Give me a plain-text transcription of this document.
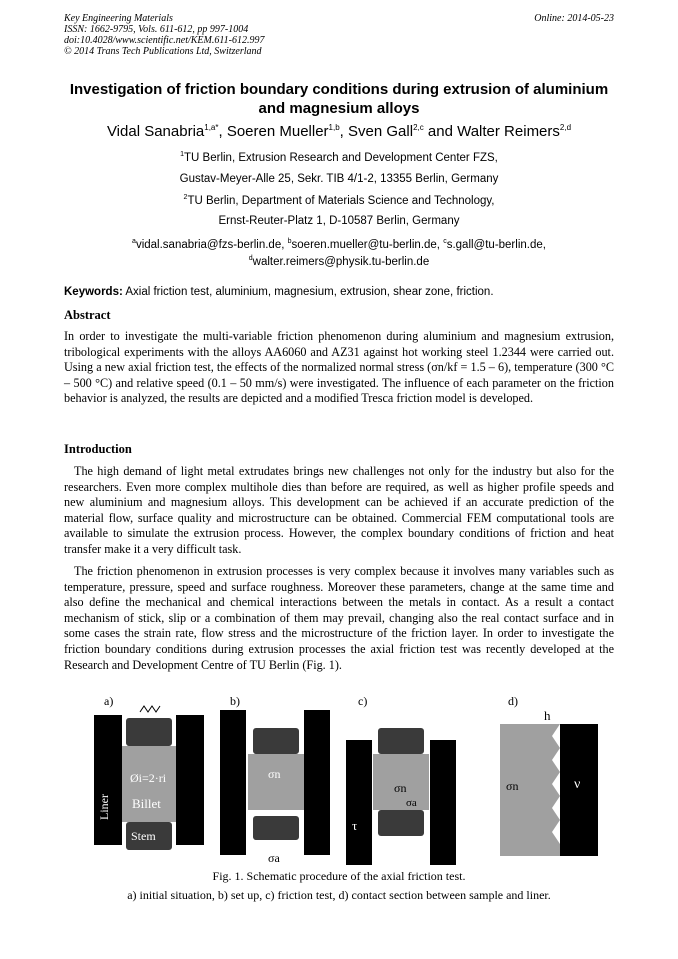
Key Engineering Materials
ISSN: 1662-9795, Vols. 611-612, pp 997-1004
doi:10.4028/www.scientific.net/KEM.611-612.997
© 2014 Trans Tech Publications Ltd, Switzerland
Online: 2014-05-23
Investigation of friction boundary conditions during extrusion of aluminium and magnesium alloys
Vidal Sanabria$^{1,a*}$, Soeren Mueller$^{1,b}$, Sven Gall$^{2,c}$ and Walter Reimers$^{2,d}$
$^1$TU Berlin, Extrusion Research and Development Center FZS,
Gustav-Meyer-Alle 25, Sekr. TIB 4/1-2, 13355 Berlin, Germany
$^2$TU Berlin, Department of Materials Science and Technology,
Ernst-Reuter-Platz 1, D-10587 Berlin, Germany
$^a$vidal.sanabria@fzs-berlin.de, $^b$soeren.mueller@tu-berlin.de, $^c$s.gall@tu-berlin.de,
$^d$walter.reimers@physik.tu-berlin.de
Keywords: Axial friction test, aluminium, magnesium, extrusion, shear zone, friction.
Abstract
In order to investigate the multi-variable friction phenomenon during aluminium and magnesium extrusion, tribological experiments with the alloys AA6060 and AZ31 against hot working steel 1.2344 were carried out. Using a new axial friction test, the effects of the normalized normal stress (σn/kf = 1.5 – 6), temperature (300 °C – 500 °C) and relative speed (0.1 – 50 mm/s) were investigated. The influence of each parameter on the friction behavior is analyzed, the results are depicted and a modified Tresca friction model is developed.
Introduction
The high demand of light metal extrudates brings new challenges not only for the industry but also for the researchers. Even more complex multihole dies than before are required, as well as higher profile speeds and new aluminium and magnesium alloys. This development can be achieved if an accurate prediction of the material flow, surface quality and microstructure can be obtained. Commercial FEM computational tools are available to simulate the extrusion process. However, the complex boundary conditions of friction and heat transfer make it a very difficult task.
The friction phenomenon in extrusion processes is very complex because it involves many variables such as temperature, pressure, speed and surface roughness. Moreover these parameters, change at the same time and also define the mechanical and chemical interactions between the metals in contact. As a result a contact mechanism of stick, slip or a combination of them may prevail, changing also the real contact surface and in some cases the strain rate, flow stress and the microstructure of the friction layer. In order to investigate the friction boundary conditions during extrusion processes the axial friction test was recently developed at the Research and Development Centre of TU Berlin (Fig. 1).
a)
Liner
Øi=2·ri
Billet
Stem
b)
σn
L
σa
c)
σn
σa
τ
d)
h
σn	ν
Fig. 1. Schematic procedure of the axial friction test.
a) initial situation, b) set up, c) friction test, d) contact section between sample and liner.
